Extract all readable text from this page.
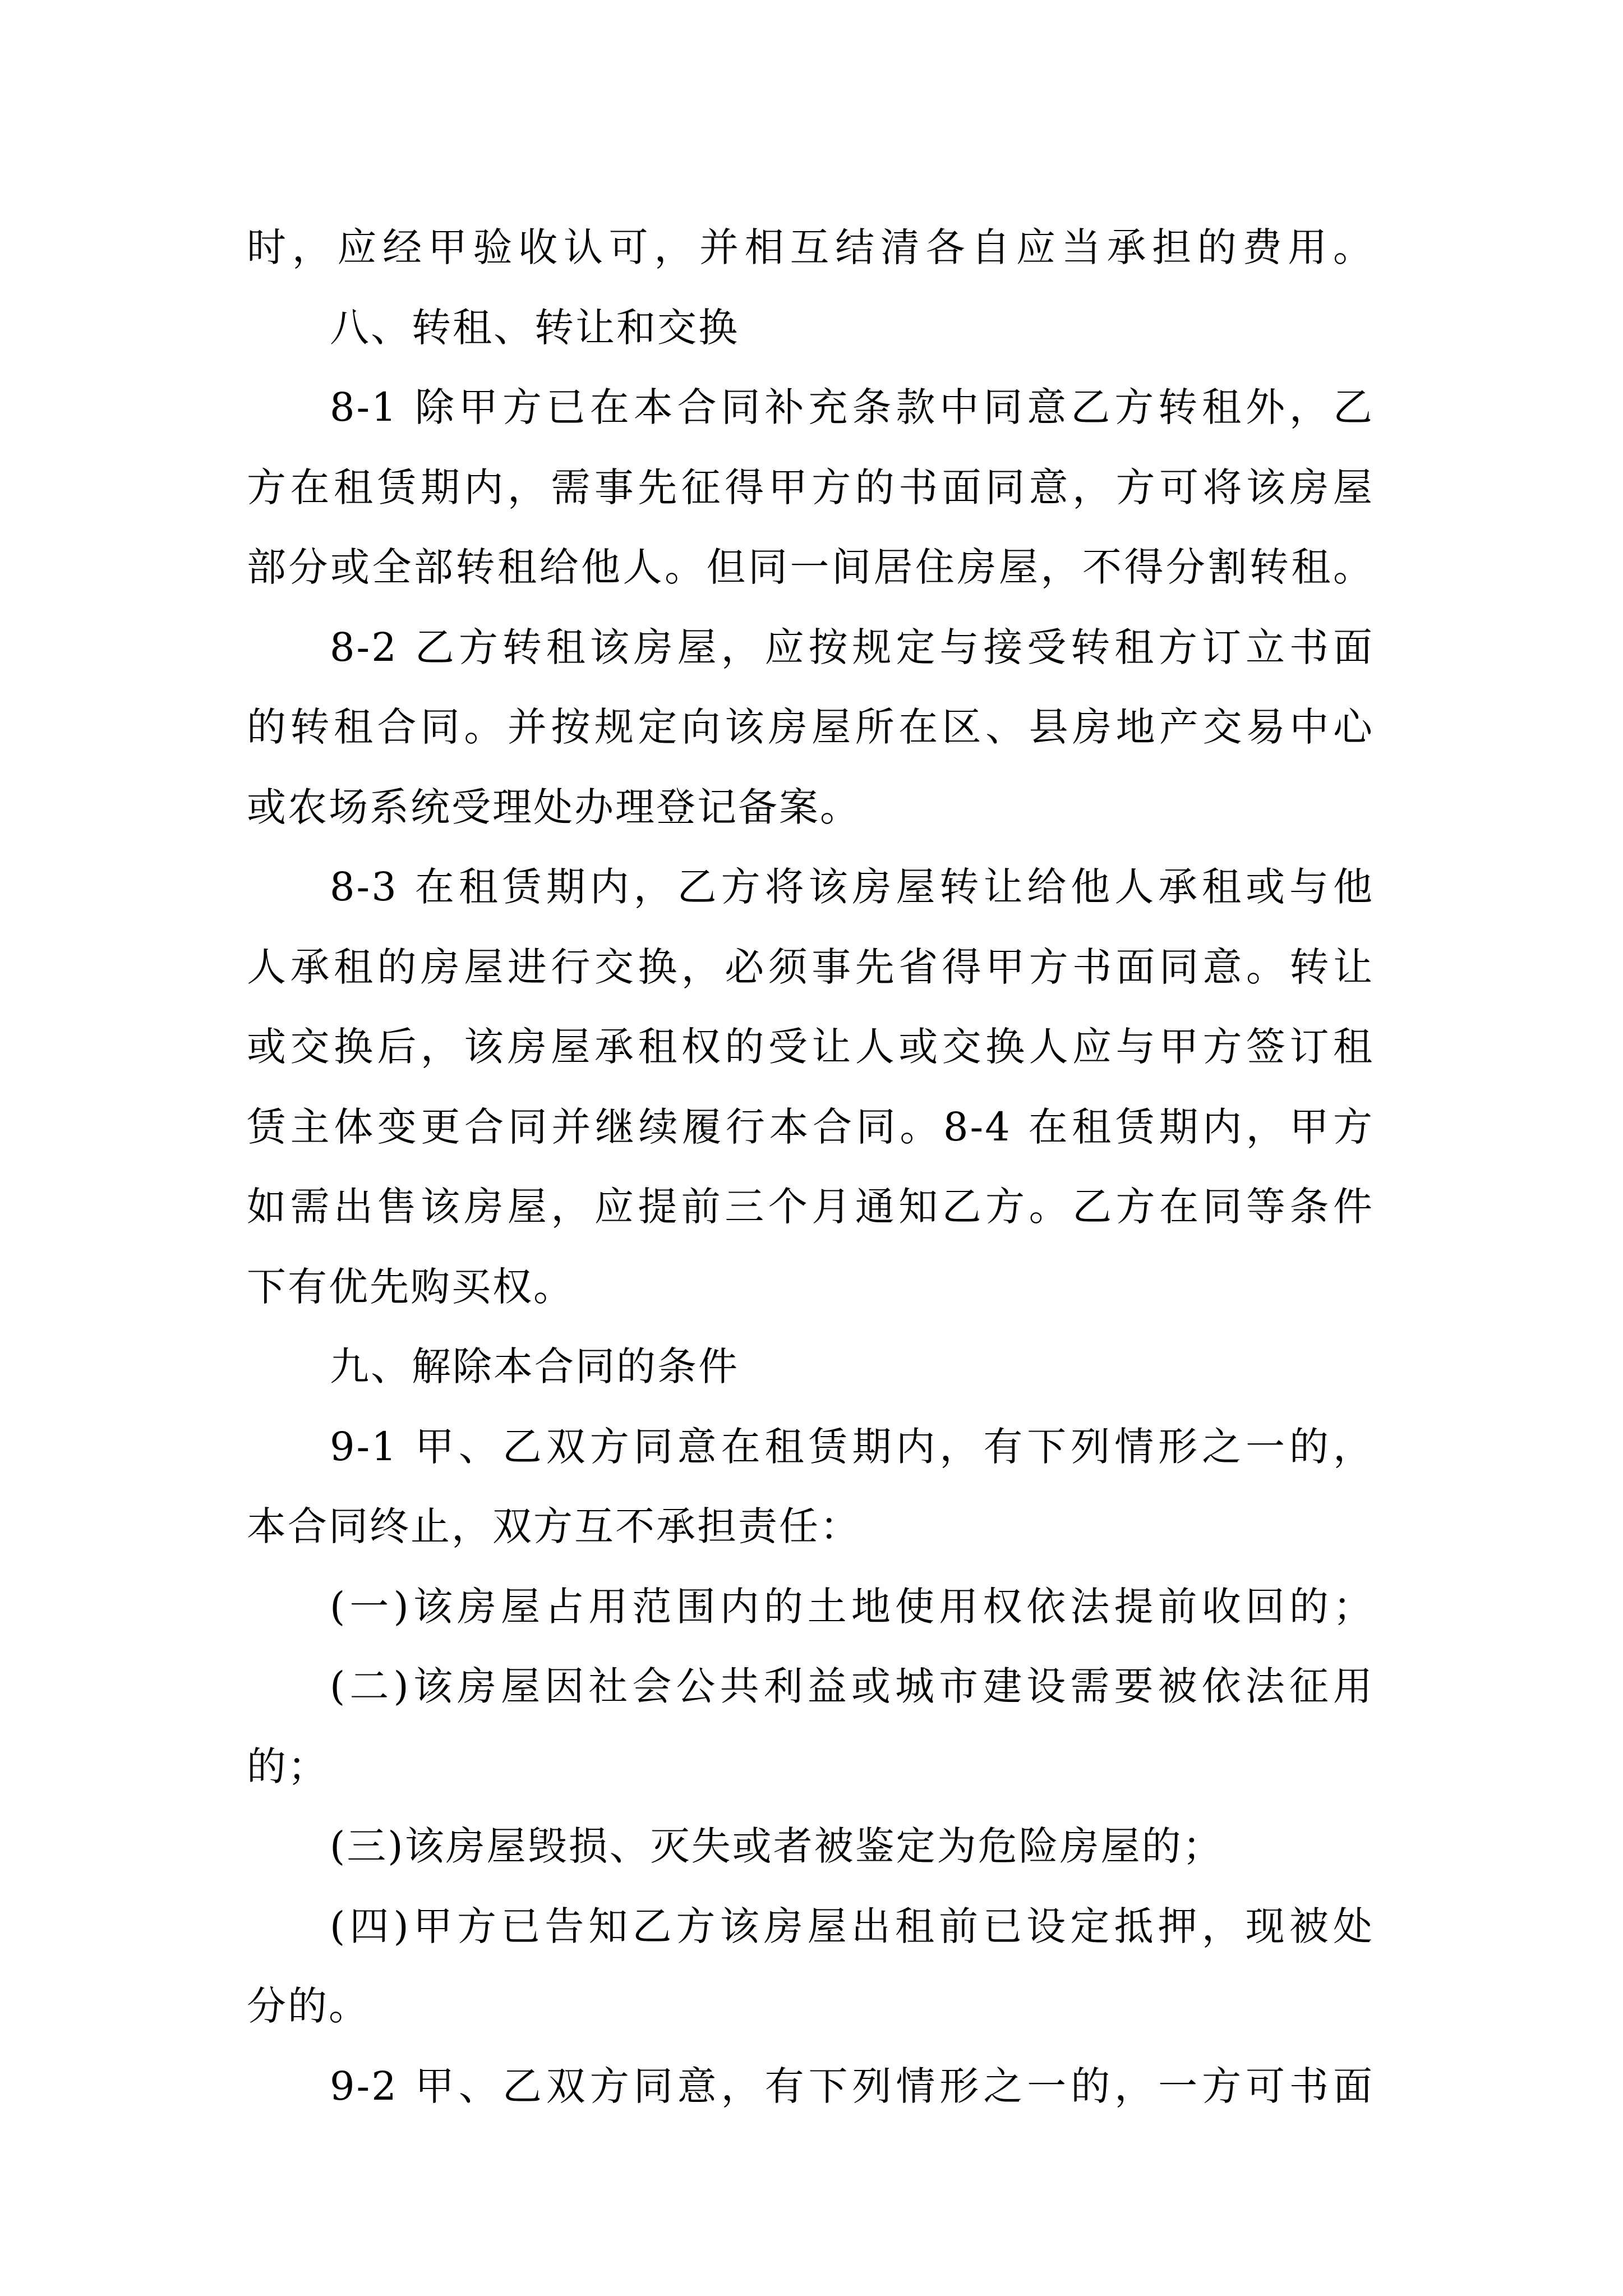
时，应经甲验收认可，并相互结清各自应当承担的费用。
八、转租、转让和交换
8-1 除甲方已在本合同补充条款中同意乙方转租外，乙
方在租赁期内，需事先征得甲方的书面同意，方可将该房屋
部分或全部转租给他人。但同一间居住房屋，不得分割转租。
8-2 乙方转租该房屋，应按规定与接受转租方订立书面
的转租合同。并按规定向该房屋所在区、县房地产交易中心
或农场系统受理处办理登记备案。
8-3 在租赁期内，乙方将该房屋转让给他人承租或与他
人承租的房屋进行交换，必须事先省得甲方书面同意。转让
或交换后，该房屋承租权的受让人或交换人应与甲方签订租
赁主体变更合同并继续履行本合同。8-4 在租赁期内，甲方
如需出售该房屋，应提前三个月通知乙方。乙方在同等条件
下有优先购买权。
九、解除本合同的条件
9-1 甲、乙双方同意在租赁期内，有下列情形之一的，
本合同终止，双方互不承担责任：
(一)该房屋占用范围内的土地使用权依法提前收回的；
(二)该房屋因社会公共利益或城市建设需要被依法征用
的；
(三)该房屋毁损、灭失或者被鉴定为危险房屋的；
(四)甲方已告知乙方该房屋出租前已设定抵押，现被处
分的。
9-2 甲、乙双方同意，有下列情形之一的，一方可书面
